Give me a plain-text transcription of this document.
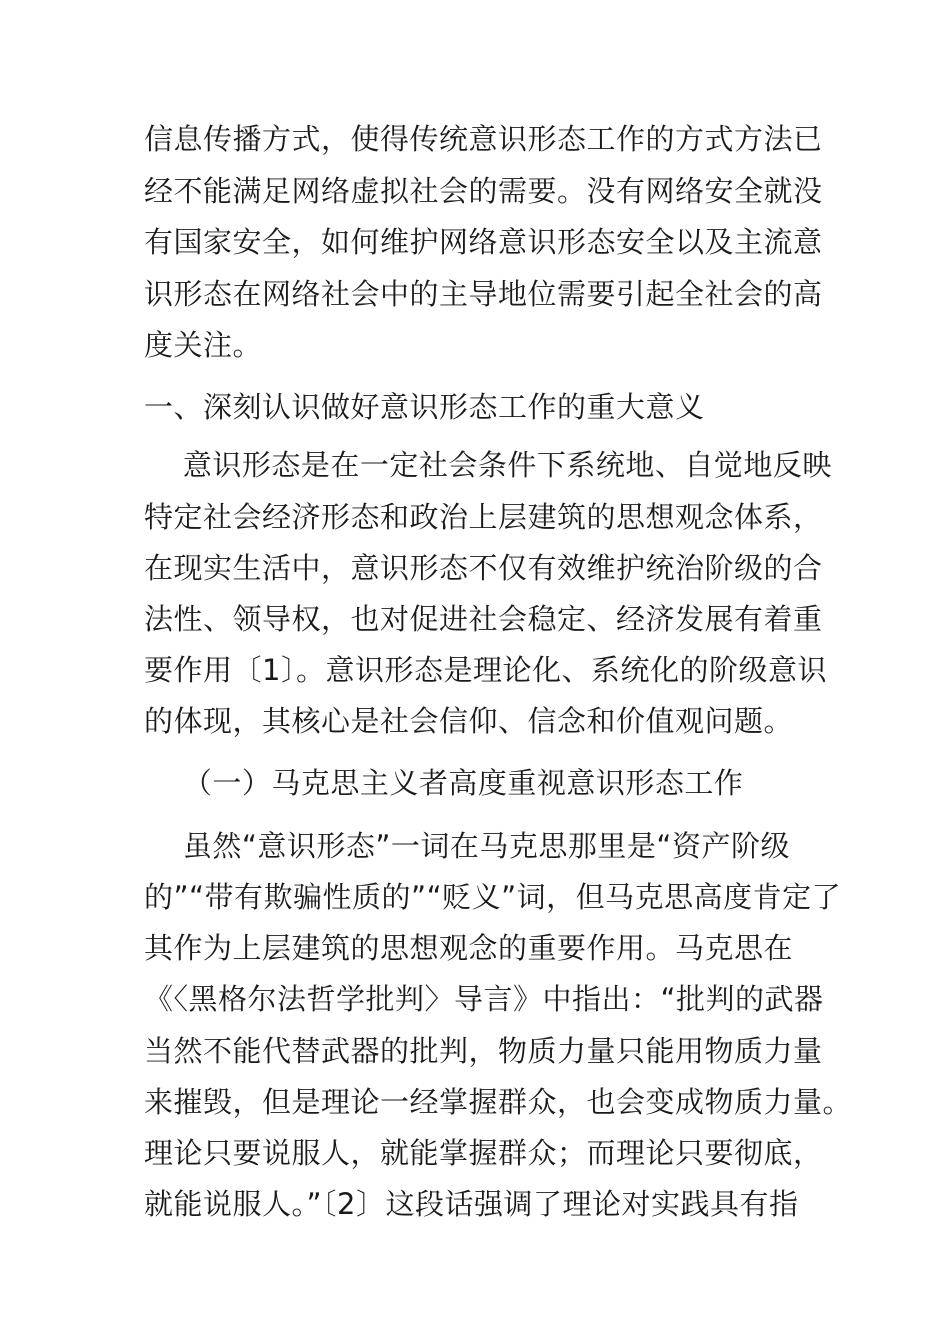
信息传播方式，使得传统意识形态工作的方式方法已
经不能满足网络虚拟社会的需要。没有网络安全就没
有国家安全，如何维护网络意识形态安全以及主流意
识形态在网络社会中的主导地位需要引起全社会的高
度关注。
一、深刻认识做好意识形态工作的重大意义
意识形态是在一定社会条件下系统地、自觉地反映
特定社会经济形态和政治上层建筑的思想观念体系，
在现实生活中，意识形态不仅有效维护统治阶级的合
法性、领导权，也对促进社会稳定、经济发展有着重
要作用〔1〕。意识形态是理论化、系统化的阶级意识
的体现，其核心是社会信仰、信念和价值观问题。
（一）马克思主义者高度重视意识形态工作
虽然“意识形态”一词在马克思那里是“资产阶级
的”“带有欺骗性质的”“贬义”词，但马克思高度肯定了
其作为上层建筑的思想观念的重要作用。马克思在
《〈黑格尔法哲学批判〉导言》中指出：“批判的武器
当然不能代替武器的批判，物质力量只能用物质力量
来摧毁，但是理论一经掌握群众，也会变成物质力量。
理论只要说服人，就能掌握群众；而理论只要彻底，
就能说服人。”〔2〕这段话强调了理论对实践具有指
